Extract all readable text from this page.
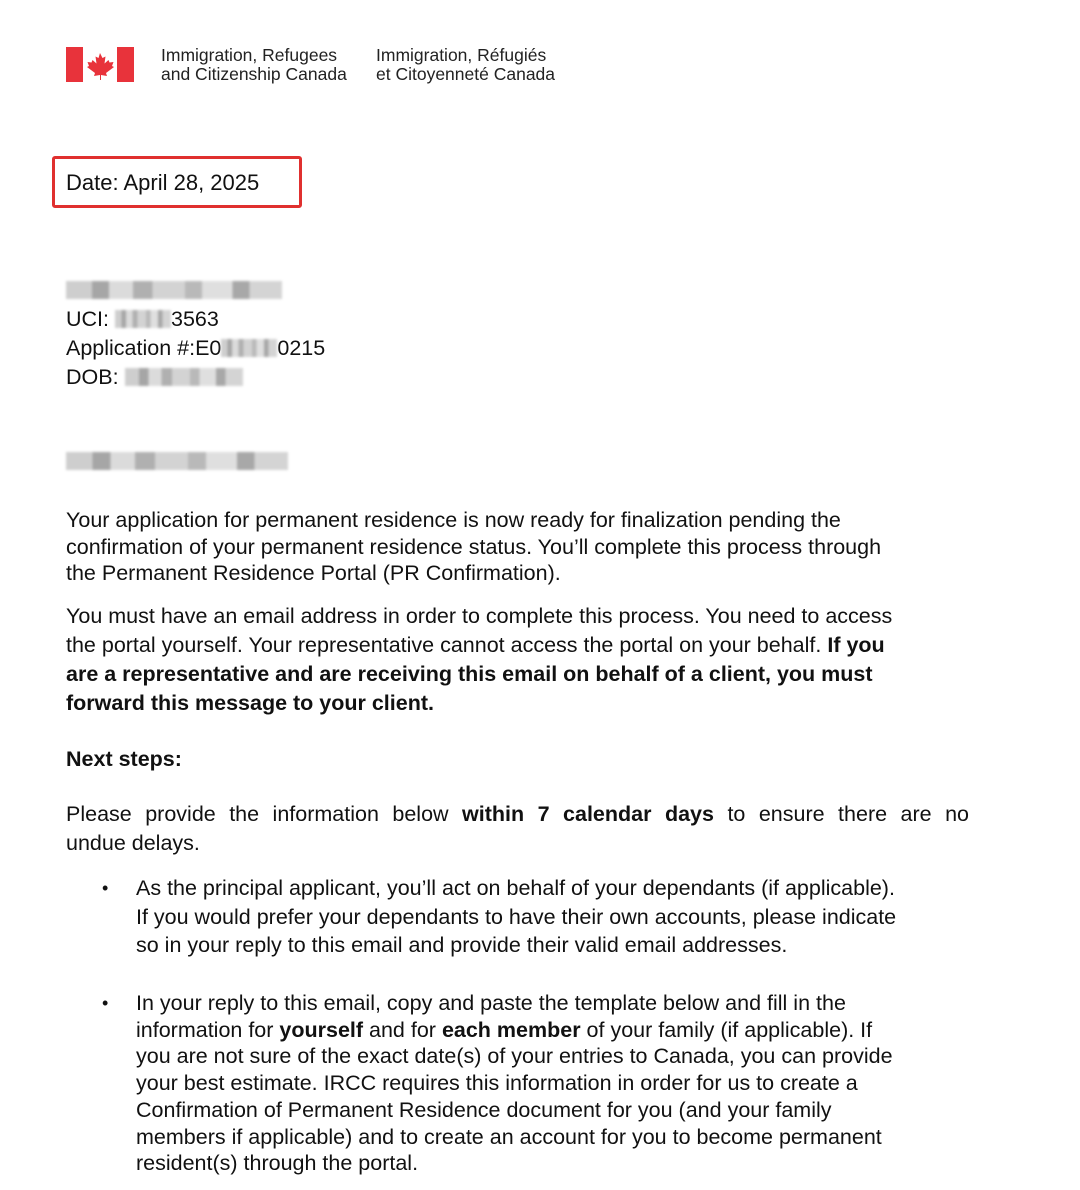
Immigration, Refugees
and Citizenship Canada
Immigration, Réfugiés
et Citoyenneté Canada
Date: April 28, 2025
UCI:	3563
Application #:E0	0215
DOB:
Your application for permanent residence is now ready for finalization pending the
confirmation of your permanent residence status. You’ll complete this process through
the Permanent Residence Portal (PR Confirmation).
You must have an email address in order to complete this process. You need to access
the portal yourself. Your representative cannot access the portal on your behalf. If you
are a representative and are receiving this email on behalf of a client, you must
forward this message to your client.
Next steps:
Please provide the information below within 7 calendar days to ensure there are no
undue delays.
• As the principal applicant, you’ll act on behalf of your dependants (if applicable).
If you would prefer your dependants to have their own accounts, please indicate
so in your reply to this email and provide their valid email addresses.
• In your reply to this email, copy and paste the template below and fill in the
information for yourself and for each member of your family (if applicable). If
you are not sure of the exact date(s) of your entries to Canada, you can provide
your best estimate. IRCC requires this information in order for us to create a
Confirmation of Permanent Residence document for you (and your family
members if applicable) and to create an account for you to become permanent
resident(s) through the portal.
